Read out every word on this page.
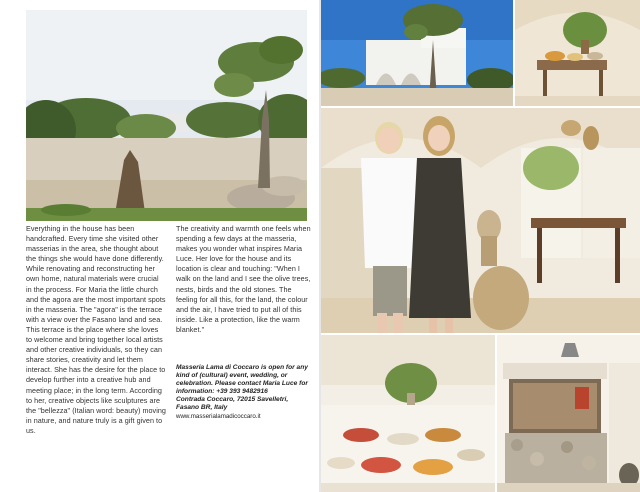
Everything in the house has been handcrafted. Every time she visited other masserias in the area, she thought about the things she would have done differently. While renovating and reconstructing her own home, natural materials were crucial in the process. For Maria the little church and the agora are the most important spots in the masseria. The "agora" is the terrace with a view over the Fasano land and sea. This terrace is the place where she loves to welcome and bring together local artists and other creative individuals, so they can share stories, creativity and let them interact. She has the desire for the place to develop further into a creative hub and meeting place; in the long term. According to her, creative objects like sculptures are the "bellezza" (Italian word: beauty) moving in nature, and nature truly is a gift given to us.

The creativity and warmth one feels when spending a few days at the masseria, makes you wonder what inspires Maria Luce. Her love for the house and its location is clear and touching: "When I walk on the land and I see the olive trees, nests, birds and the old stones. The feeling for all this, for the land, the colour and the air, I have tried to put all of this inside. Like a protection, like the warm blanket."

Masseria Lama di Coccaro is open for any kind of (cultural) event, wedding, or celebration. Please contact Maria Luce for information: +39 393 9482916
Contrada Coccaro, 72015 Savelletri, Fasano BR, Italy
www.masserialamadicoccaro.it
